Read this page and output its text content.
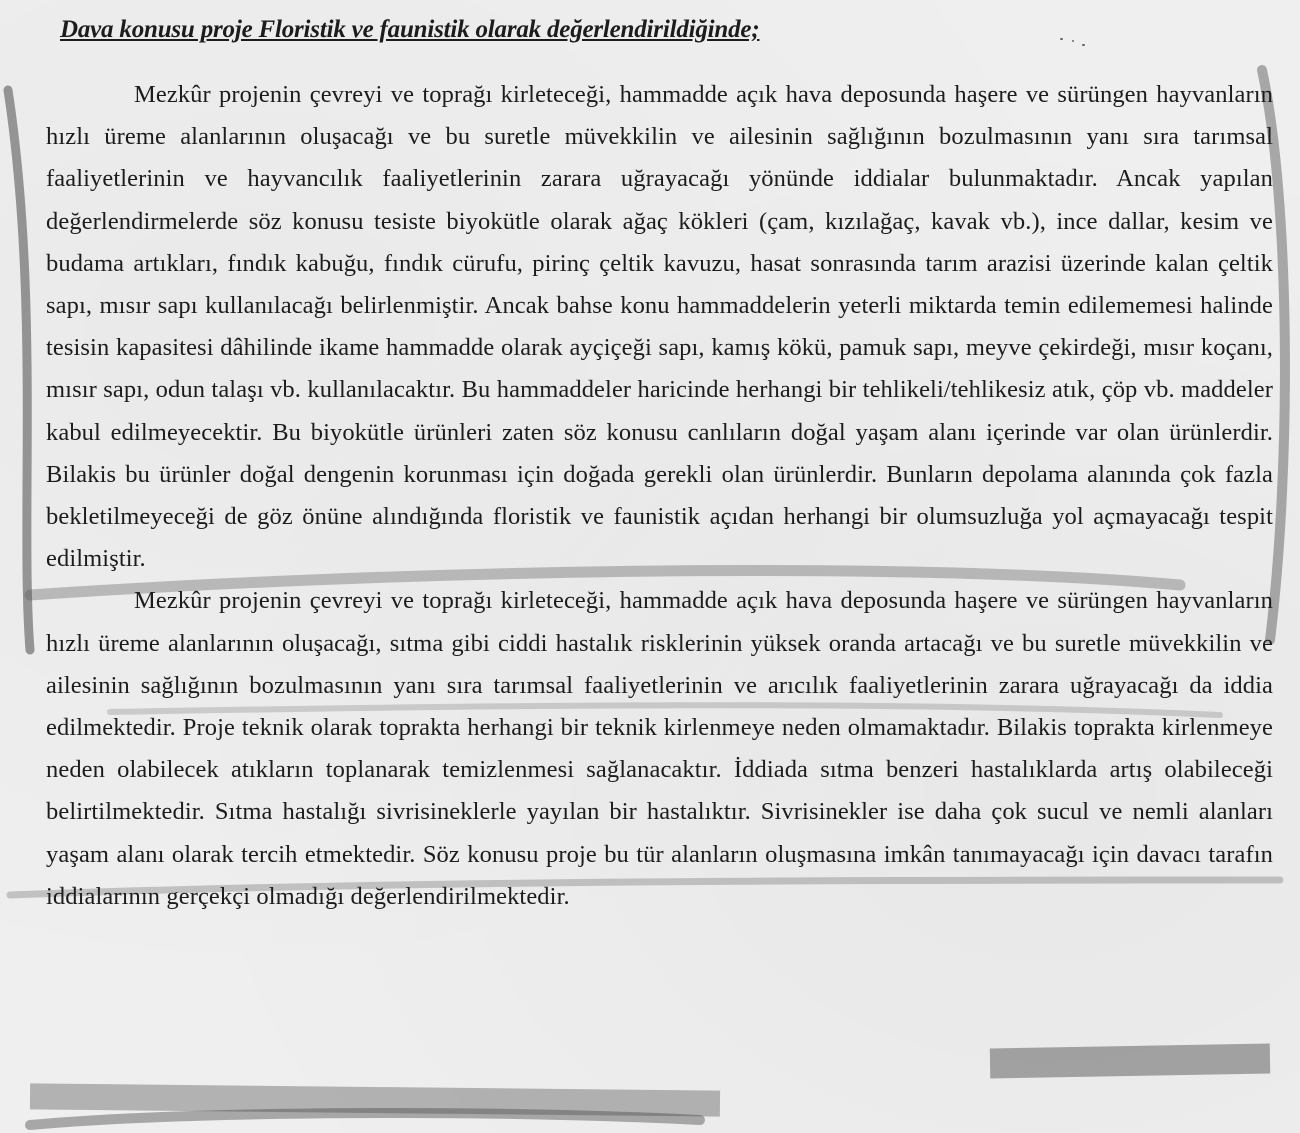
Dava konusu proje Floristik ve faunistik olarak değerlendirildiğinde;

Mezkûr projenin çevreyi ve toprağı kirleteceği, hammadde açık hava deposunda haşere ve sürüngen hayvanların hızlı üreme alanlarının oluşacağı ve bu suretle müvekkilin ve ailesinin sağlığının bozulmasının yanı sıra tarımsal faaliyetlerinin ve hayvancılık faaliyetlerinin zarara uğrayacağı yönünde iddialar bulunmaktadır. Ancak yapılan değerlendirmelerde söz konusu tesiste biyokütle olarak ağaç kökleri (çam, kızılağaç, kavak vb.), ince dallar, kesim ve budama artıkları, fındık kabuğu, fındık cürufu, pirinç çeltik kavuzu, hasat sonrasında tarım arazisi üzerinde kalan çeltik sapı, mısır sapı kullanılacağı belirlenmiştir. Ancak bahse konu hammaddelerin yeterli miktarda temin edilememesi halinde tesisin kapasitesi dâhilinde ikame hammadde olarak ayçiçeği sapı, kamış kökü, pamuk sapı, meyve çekirdeği, mısır koçanı, mısır sapı, odun talaşı vb. kullanılacaktır. Bu hammaddeler haricinde herhangi bir tehlikeli/tehlikesiz atık, çöp vb. maddeler kabul edilmeyecektir. Bu biyokütle ürünleri zaten söz konusu canlıların doğal yaşam alanı içerinde var olan ürünlerdir. Bilakis bu ürünler doğal dengenin korunması için doğada gerekli olan ürünlerdir. Bunların depolama alanında çok fazla bekletilmeyeceği de göz önüne alındığında floristik ve faunistik açıdan herhangi bir olumsuzluğa yol açmayacağı tespit edilmiştir.

Mezkûr projenin çevreyi ve toprağı kirleteceği, hammadde açık hava deposunda haşere ve sürüngen hayvanların hızlı üreme alanlarının oluşacağı, sıtma gibi ciddi hastalık risklerinin yüksek oranda artacağı ve bu suretle müvekkilin ve ailesinin sağlığının bozulmasının yanı sıra tarımsal faaliyetlerinin ve arıcılık faaliyetlerinin zarara uğrayacağı da iddia edilmektedir. Proje teknik olarak toprakta herhangi bir teknik kirlenmeye neden olmamaktadır. Bilakis toprakta kirlenmeye neden olabilecek atıkların toplanarak temizlenmesi sağlanacaktır. İddiada sıtma benzeri hastalıklarda artış olabileceği belirtilmektedir. Sıtma hastalığı sivrisineklerle yayılan bir hastalıktır. Sivrisinekler ise daha çok sucul ve nemli alanları yaşam alanı olarak tercih etmektedir. Söz konusu proje bu tür alanların oluşmasına imkân tanımayacağı için davacı tarafın iddialarının gerçekçi olmadığı değerlendirilmektedir.
